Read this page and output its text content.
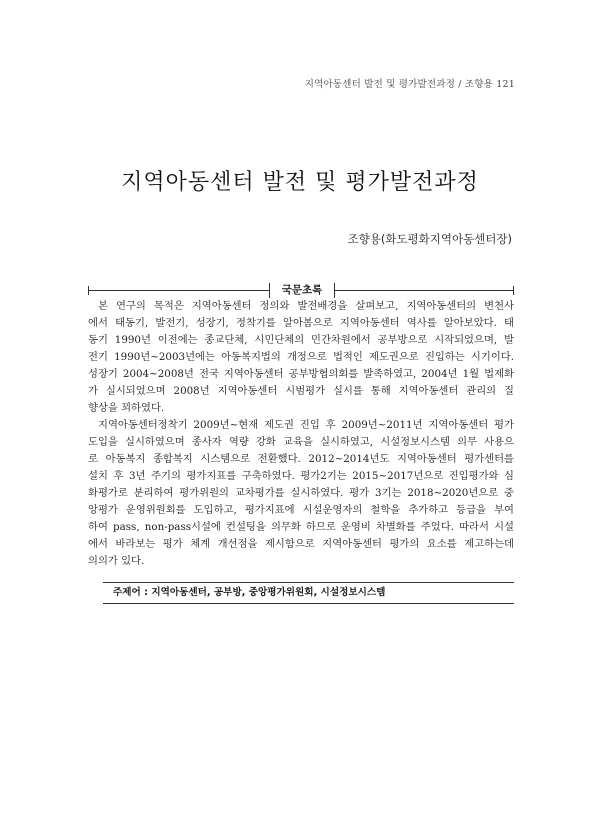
지역아동센터 발전 및 평가발전과정 / 조향용 121
지역아동센터 발전 및 평가발전과정
조향용(화도평화지역아동센터장)
국문초록

본 연구의 목적은 지역아동센터 정의와 발전배경을 살펴보고, 지역아동센터의 변천사
에서 태동기, 발전기, 성장기, 정착기를 알아봄으로 지역아동센터 역사를 알아보았다. 태
동기 1990년 이전에는 종교단체, 시민단체의 민간차원에서 공부방으로 시작되었으며, 발
전기 1990년~2003년에는 아동복지법의 개정으로 법적인 제도권으로 진입하는 시기이다.
성장기 2004~2008년 전국 지역아동센터 공부방협의회를 발족하였고, 2004년 1월 법제화
가 실시되었으며 2008년 지역아동센터 시범평가 실시를 통해 지역아동센터 관리의 질
향상을 꾀하였다.

지역아동센터정착기 2009년~현재 제도권 진입 후 2009년~2011년 지역아동센터 평가
도입을 실시하였으며 종사자 역량 강화 교육을 실시하였고, 시설정보시스템 의무 사용으
로 아동복지 종합복지 시스템으로 전환했다. 2012~2014년도 지역아동센터 평가센터를
설치 후 3년 주기의 평가지표를 구축하였다. 평가2기는 2015~2017년으로 진입평가와 심
화평가로 분리하여 평가위원의 교차평가를 실시하였다. 평가 3기는 2018~2020년으로 중
앙평가 운영위원회를 도입하고, 평가지표에 시설운영자의 철학을 추가하고 등급을 부여
하여 pass, non-pass시설에 컨설팅을 의무화 하므로 운영비 차별화를 주었다. 따라서 시설
에서 바라보는 평가 체계 개선점을 제시함으로 지역아동센터 평가의 요소를 제고하는데
의의가 있다.

주제어 : 지역아동센터, 공부방, 중앙평가위원회, 시설정보시스템
